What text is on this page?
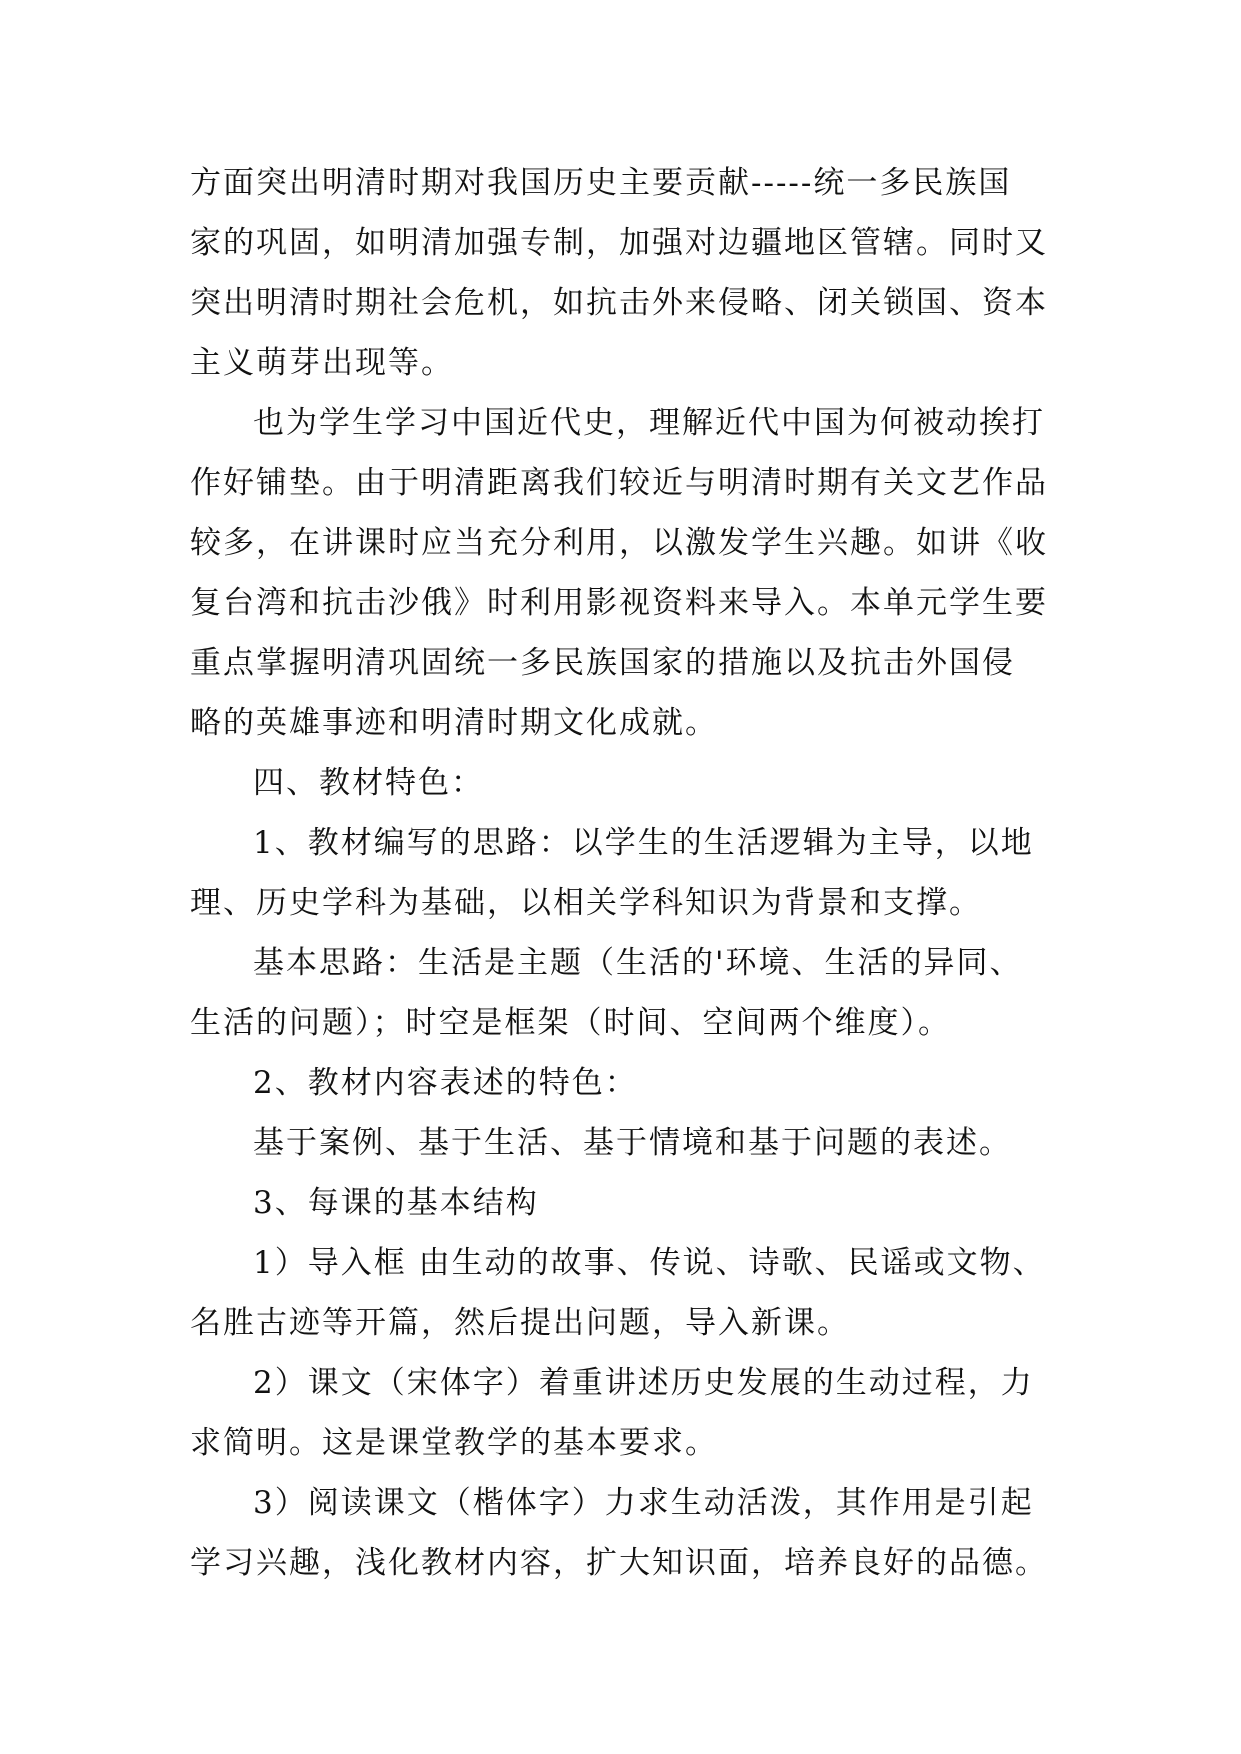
方面突出明清时期对我国历史主要贡献-----统一多民族国
家的巩固，如明清加强专制，加强对边疆地区管辖。同时又
突出明清时期社会危机，如抗击外来侵略、闭关锁国、资本
主义萌芽出现等。
也为学生学习中国近代史，理解近代中国为何被动挨打
作好铺垫。由于明清距离我们较近与明清时期有关文艺作品
较多，在讲课时应当充分利用，以激发学生兴趣。如讲《收
复台湾和抗击沙俄》时利用影视资料来导入。本单元学生要
重点掌握明清巩固统一多民族国家的措施以及抗击外国侵
略的英雄事迹和明清时期文化成就。
四、教材特色：
1、教材编写的思路：以学生的生活逻辑为主导，以地
理、历史学科为基础，以相关学科知识为背景和支撑。
基本思路：生活是主题（生活的'环境、生活的异同、
生活的问题）；时空是框架（时间、空间两个维度）。
2、教材内容表述的特色：
基于案例、基于生活、基于情境和基于问题的表述。
3、每课的基本结构
1）导入框 由生动的故事、传说、诗歌、民谣或文物、
名胜古迹等开篇，然后提出问题，导入新课。
2）课文（宋体字）着重讲述历史发展的生动过程，力
求简明。这是课堂教学的基本要求。
3）阅读课文（楷体字）力求生动活泼，其作用是引起
学习兴趣，浅化教材内容，扩大知识面，培养良好的品德。
